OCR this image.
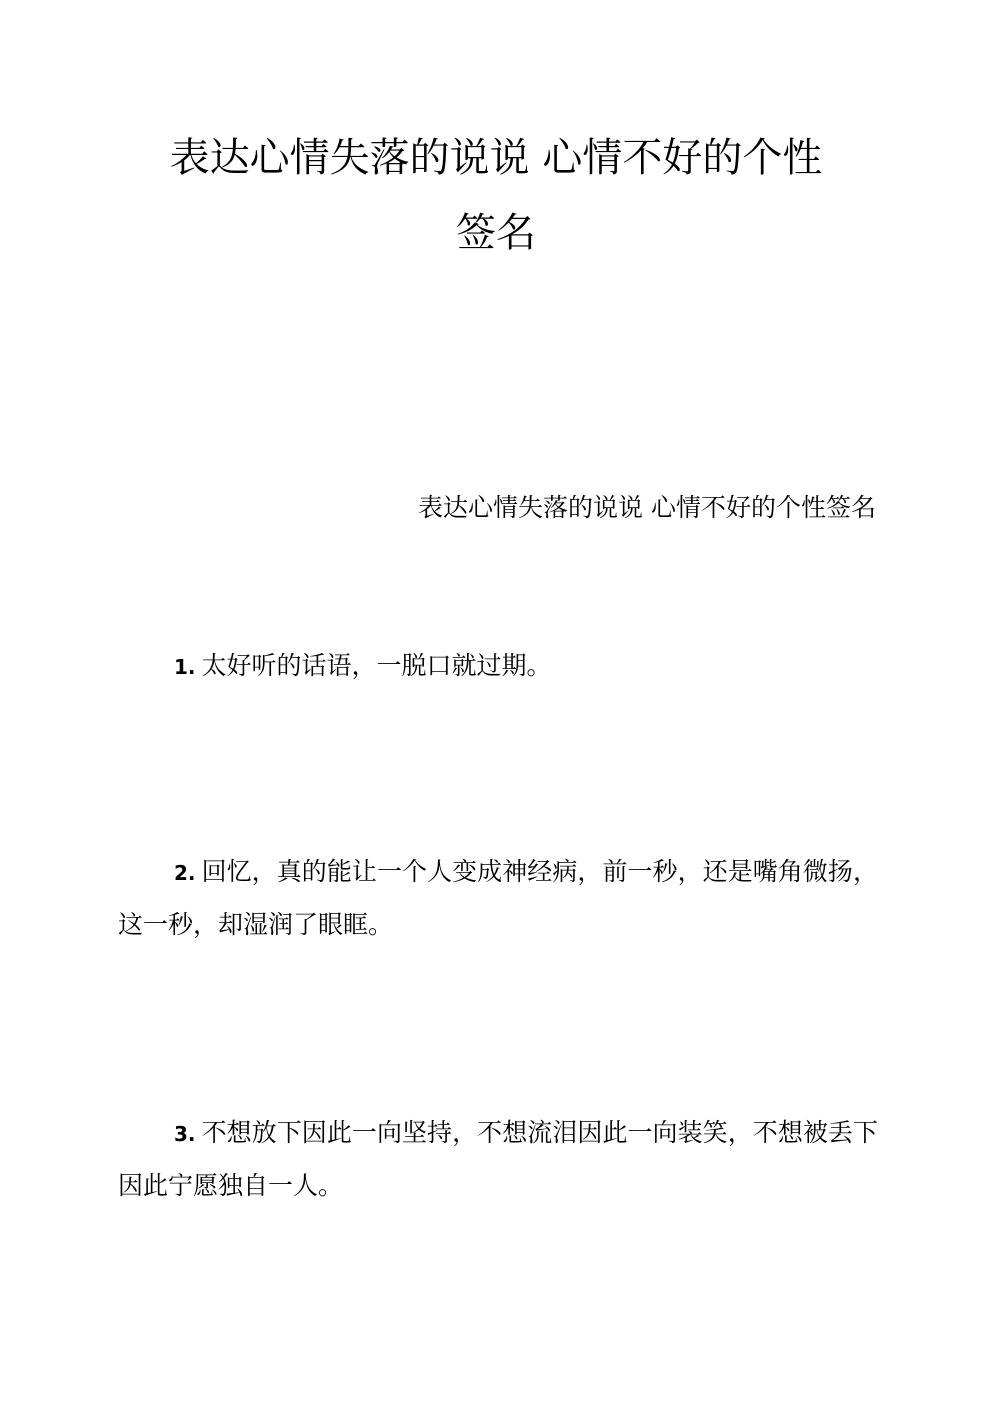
表达心情失落的说说 心情不好的个性
签名
表达心情失落的说说 心情不好的个性签名
1. 太好听的话语，一脱口就过期。
2. 回忆，真的能让一个人变成神经病，前一秒，还是嘴角微扬，这一秒，却湿润了眼眶。
3. 不想放下因此一向坚持，不想流泪因此一向装笑，不想被丢下因此宁愿独自一人。
